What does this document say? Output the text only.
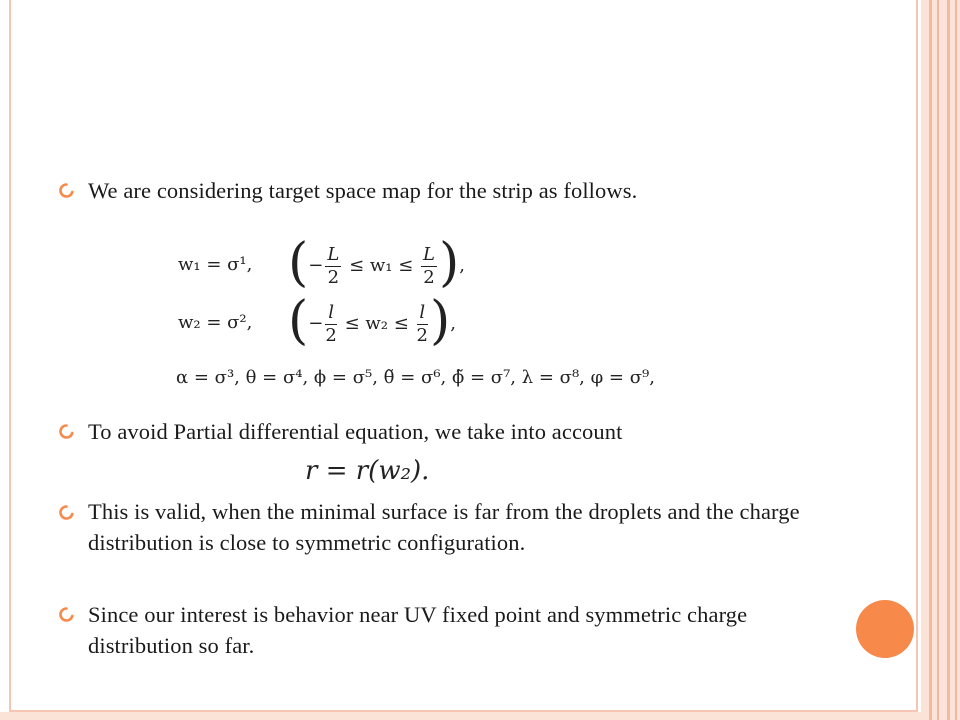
We are considering target space map for the strip as follows.
w₁ = σ¹, (− $\frac{L}{2} \le w_1 \le \frac{L}{2}$ ),
w₂ = σ², (− $\frac{l}{2} \le w_2 \le \frac{l}{2}$ ),
α = σ³, θ = σ⁴, ϕ = σ⁵, θ̃ = σ⁶, ϕ̃ = σ⁷, λ = σ⁸, φ = σ⁹,
To avoid Partial differential equation, we take into account
r = r(w₂).
This is valid, when the minimal surface is far from the droplets and the charge distribution is close to symmetric configuration.
Since our interest is behavior near UV fixed point and symmetric charge distribution so far.
